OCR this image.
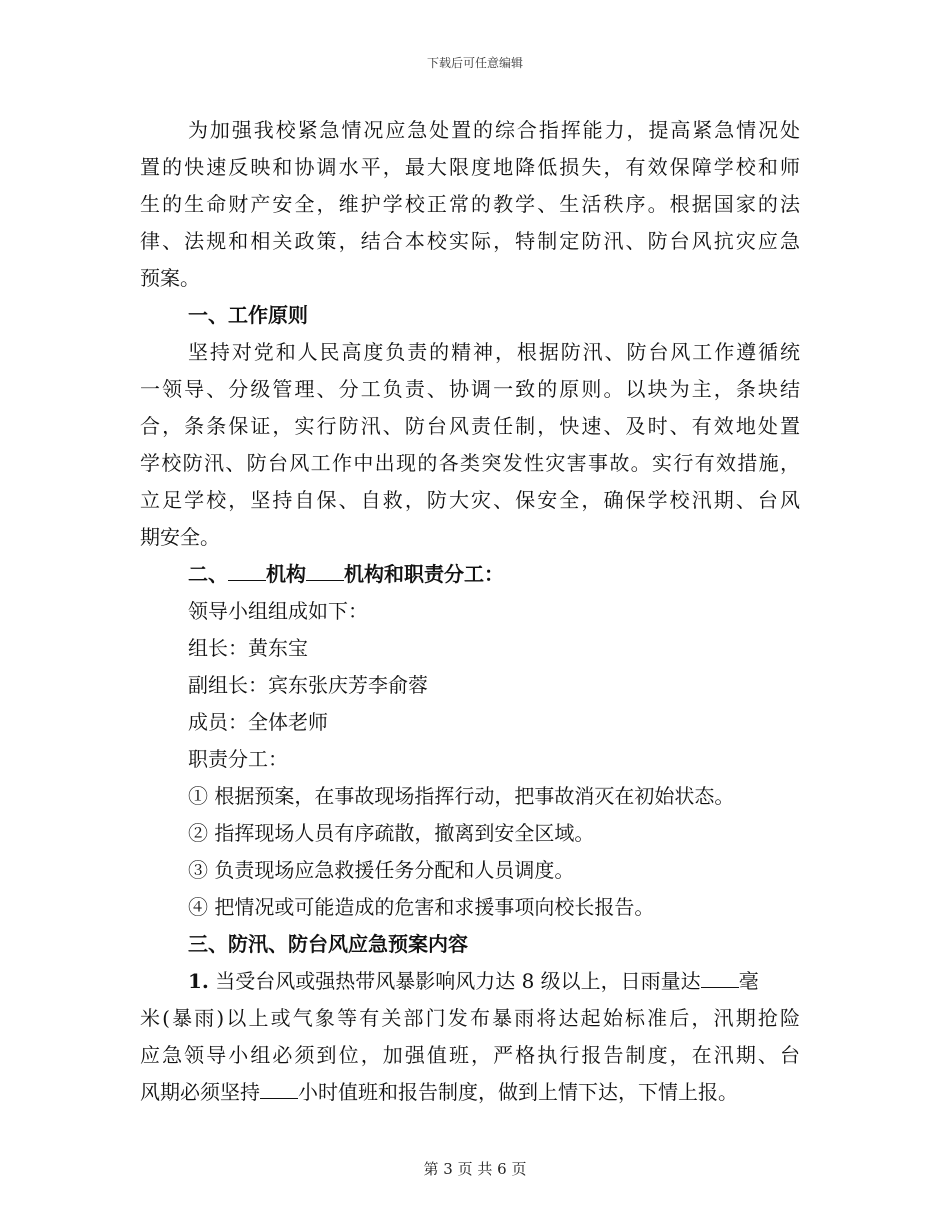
下载后可任意编辑
为加强我校紧急情况应急处置的综合指挥能力，提高紧急情况处
置的快速反映和协调水平，最大限度地降低损失，有效保障学校和师
生的生命财产安全，维护学校正常的教学、生活秩序。根据国家的法
律、法规和相关政策，结合本校实际，特制定防汛、防台风抗灾应急
预案。
一、工作原则
坚持对党和人民高度负责的精神，根据防汛、防台风工作遵循统
一领导、分级管理、分工负责、协调一致的原则。以块为主，条块结
合，条条保证，实行防汛、防台风责任制，快速、及时、有效地处置
学校防汛、防台风工作中出现的各类突发性灾害事故。实行有效措施，
立足学校，坚持自保、自救，防大灾、保安全，确保学校汛期、台风
期安全。
二、 机构 机构和职责分工：
领导小组组成如下：
组长：黄东宝
副组长：宾东张庆芳李俞蓉
成员：全体老师
职责分工：
① 根据预案，在事故现场指挥行动，把事故消灭在初始状态。
② 指挥现场人员有序疏散，撤离到安全区域。
③ 负责现场应急救援任务分配和人员调度。
④ 把情况或可能造成的危害和求援事项向校长报告。
三、防汛、防台风应急预案内容
1. 当受台风或强热带风暴影响风力达 8 级以上，日雨量达 毫
米(暴雨)以上或气象等有关部门发布暴雨将达起始标准后，汛期抢险
应急领导小组必须到位，加强值班，严格执行报告制度，在汛期、台
风期必须坚持 小时值班和报告制度，做到上情下达，下情上报。
第 3 页 共 6 页
